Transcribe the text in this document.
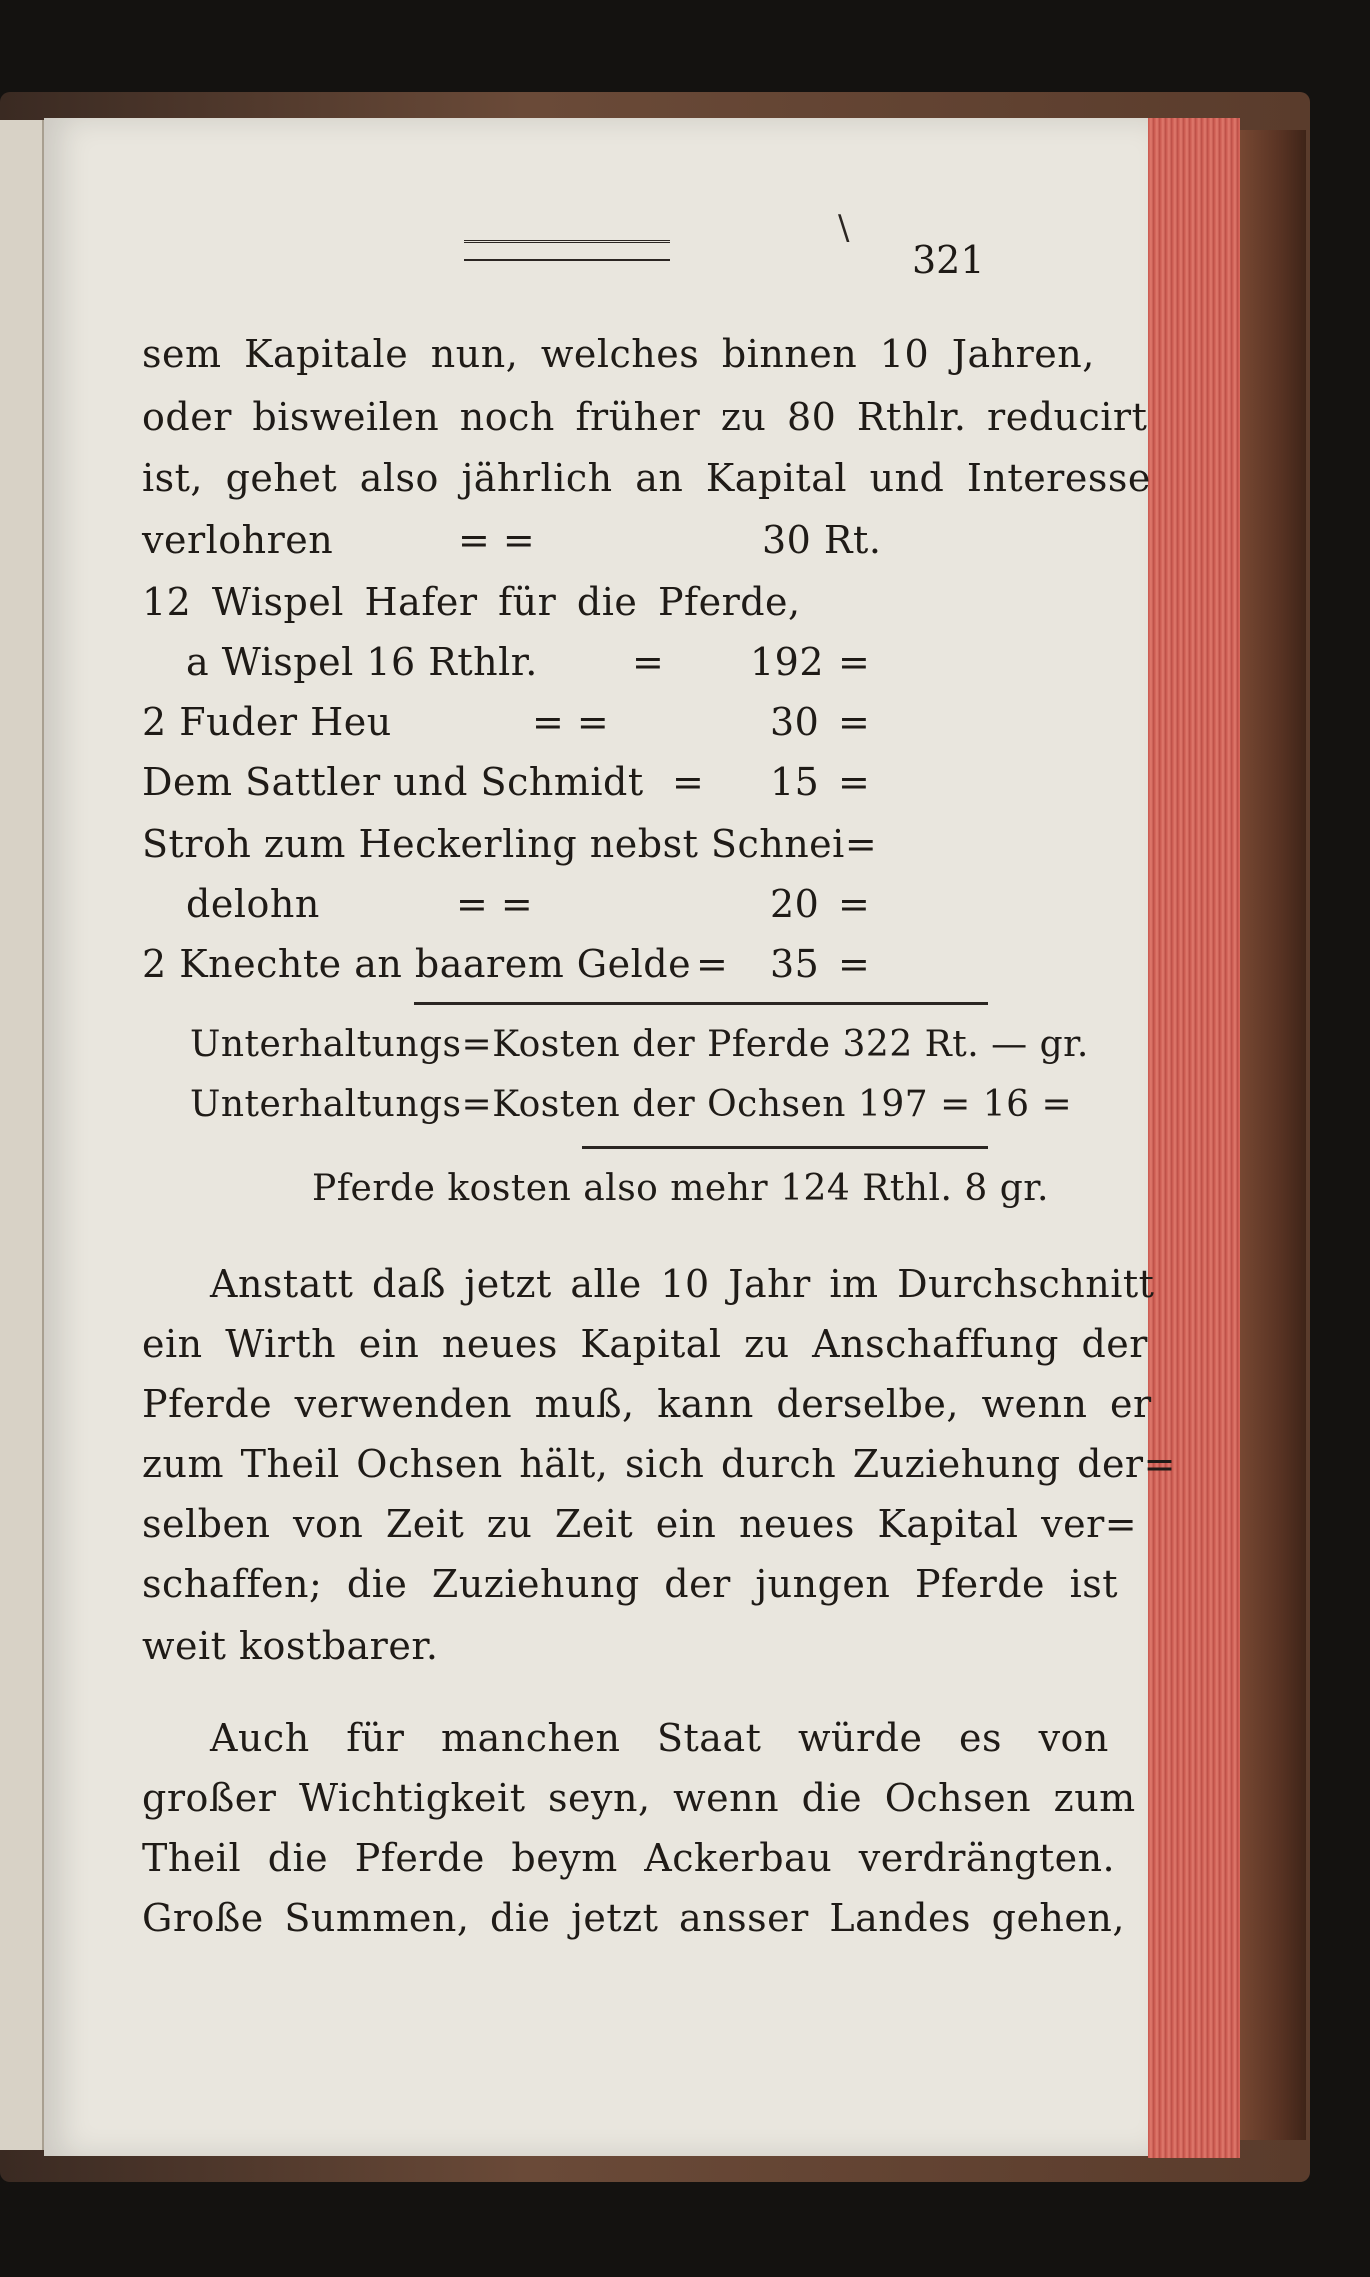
\
321
sem Kapitale nun, welches binnen 10 Jahren,
oder bisweilen noch früher zu 80 Rthlr. reducirt
ist, gehet also jährlich an Kapital und Interesse
verlohren	= =	30 Rt.
12 Wispel Hafer für die Pferde,
a Wispel 16 Rthlr. = 192 =
2 Fuder Heu	= =	30 =
Dem Sattler und Schmidt = 15 =
Stroh zum Heckerling nebst Schnei=
delohn	= =	20 =
2 Knechte an baarem Gelde = 35 =
Unterhaltungs=Kosten der Pferde 322 Rt. — gr.
Unterhaltungs=Kosten der Ochsen 197 = 16 =
Pferde kosten also mehr 124 Rthl. 8 gr.
Anstatt daß jetzt alle 10 Jahr im Durchschnitt
ein Wirth ein neues Kapital zu Anschaffung der
Pferde verwenden muß, kann derselbe, wenn er
zum Theil Ochsen hält, sich durch Zuziehung der=
selben von Zeit zu Zeit ein neues Kapital ver=
schaffen; die Zuziehung der jungen Pferde ist
weit kostbarer.
Auch für manchen Staat würde es von
großer Wichtigkeit seyn, wenn die Ochsen zum
Theil die Pferde beym Ackerbau verdrängten.
Große Summen, die jetzt ansser Landes gehen,
